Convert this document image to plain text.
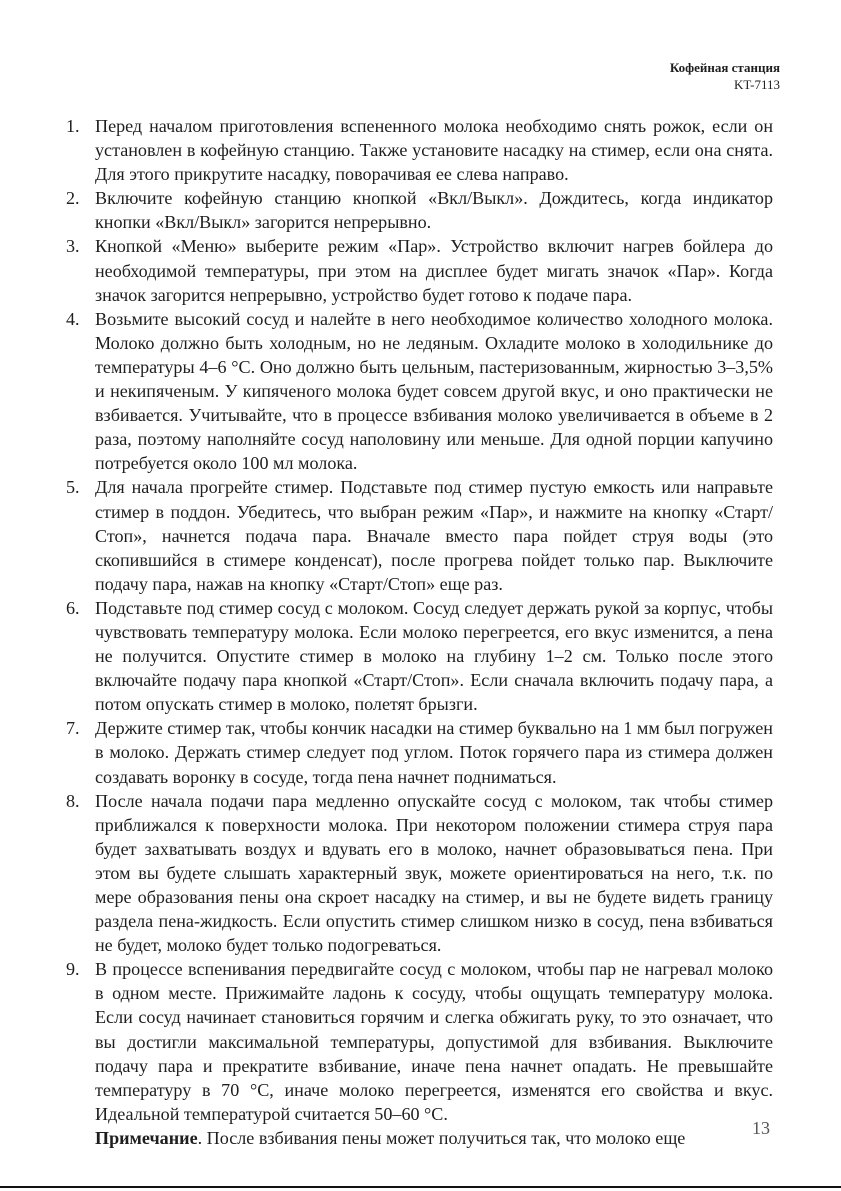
Кофейная станция
KT-7113
1. Перед началом приготовления вспененного молока необходимо снять рожок, если он установлен в кофейную станцию. Также установите насадку на стимер, если она снята. Для этого прикрутите насадку, поворачивая ее слева направо.
2. Включите кофейную станцию кнопкой «Вкл/Выкл». Дождитесь, когда индикатор кнопки «Вкл/Выкл» загорится непрерывно.
3. Кнопкой «Меню» выберите режим «Пар». Устройство включит нагрев бойлера до необходимой температуры, при этом на дисплее будет мигать значок «Пар». Когда значок загорится непрерывно, устройство будет готово к подаче пара.
4. Возьмите высокий сосуд и налейте в него необходимое количество холодного молока. Молоко должно быть холодным, но не ледяным. Охладите молоко в холодильнике до температуры 4–6 °С. Оно должно быть цельным, пастеризованным, жирностью 3–3,5% и некипяченым. У кипяченого молока будет совсем другой вкус, и оно практически не взбивается. Учитывайте, что в процессе взбивания молоко увеличивается в объеме в 2 раза, поэтому наполняйте сосуд наполовину или меньше. Для одной порции капучино потребуется около 100 мл молока.
5. Для начала прогрейте стимер. Подставьте под стимер пустую емкость или направьте стимер в поддон. Убедитесь, что выбран режим «Пар», и нажмите на кнопку «Старт/Стоп», начнется подача пара. Вначале вместо пара пойдет струя воды (это скопившийся в стимере конденсат), после прогрева пойдет только пар. Выключите подачу пара, нажав на кнопку «Старт/Стоп» еще раз.
6. Подставьте под стимер сосуд с молоком. Сосуд следует держать рукой за корпус, чтобы чувствовать температуру молока. Если молоко перегреется, его вкус изменится, а пена не получится. Опустите стимер в молоко на глубину 1–2 см. Только после этого включайте подачу пара кнопкой «Старт/Стоп». Если сначала включить подачу пара, а потом опускать стимер в молоко, полетят брызги.
7. Держите стимер так, чтобы кончик насадки на стимер буквально на 1 мм был погружен в молоко. Держать стимер следует под углом. Поток горячего пара из стимера должен создавать воронку в сосуде, тогда пена начнет подниматься.
8. После начала подачи пара медленно опускайте сосуд с молоком, так чтобы стимер приближался к поверхности молока. При некотором положении стимера струя пара будет захватывать воздух и вдувать его в молоко, начнет образовываться пена. При этом вы будете слышать характерный звук, можете ориентироваться на него, т.к. по мере образования пены она скроет насадку на стимер, и вы не будете видеть границу раздела пена-жидкость. Если опустить стимер слишком низко в сосуд, пена взбиваться не будет, молоко будет только подогреваться.
9. В процессе вспенивания передвигайте сосуд с молоком, чтобы пар не нагревал молоко в одном месте. Прижимайте ладонь к сосуду, чтобы ощущать температуру молока. Если сосуд начинает становиться горячим и слегка обжигать руку, то это означает, что вы достигли максимальной температуры, допустимой для взбивания. Выключите подачу пара и прекратите взбивание, иначе пена начнет опадать. Не превышайте температуру в 70 °С, иначе молоко перегреется, изменятся его свойства и вкус. Идеальной температурой считается 50–60 °С.

Примечание. После взбивания пены может получиться так, что молоко еще	13
